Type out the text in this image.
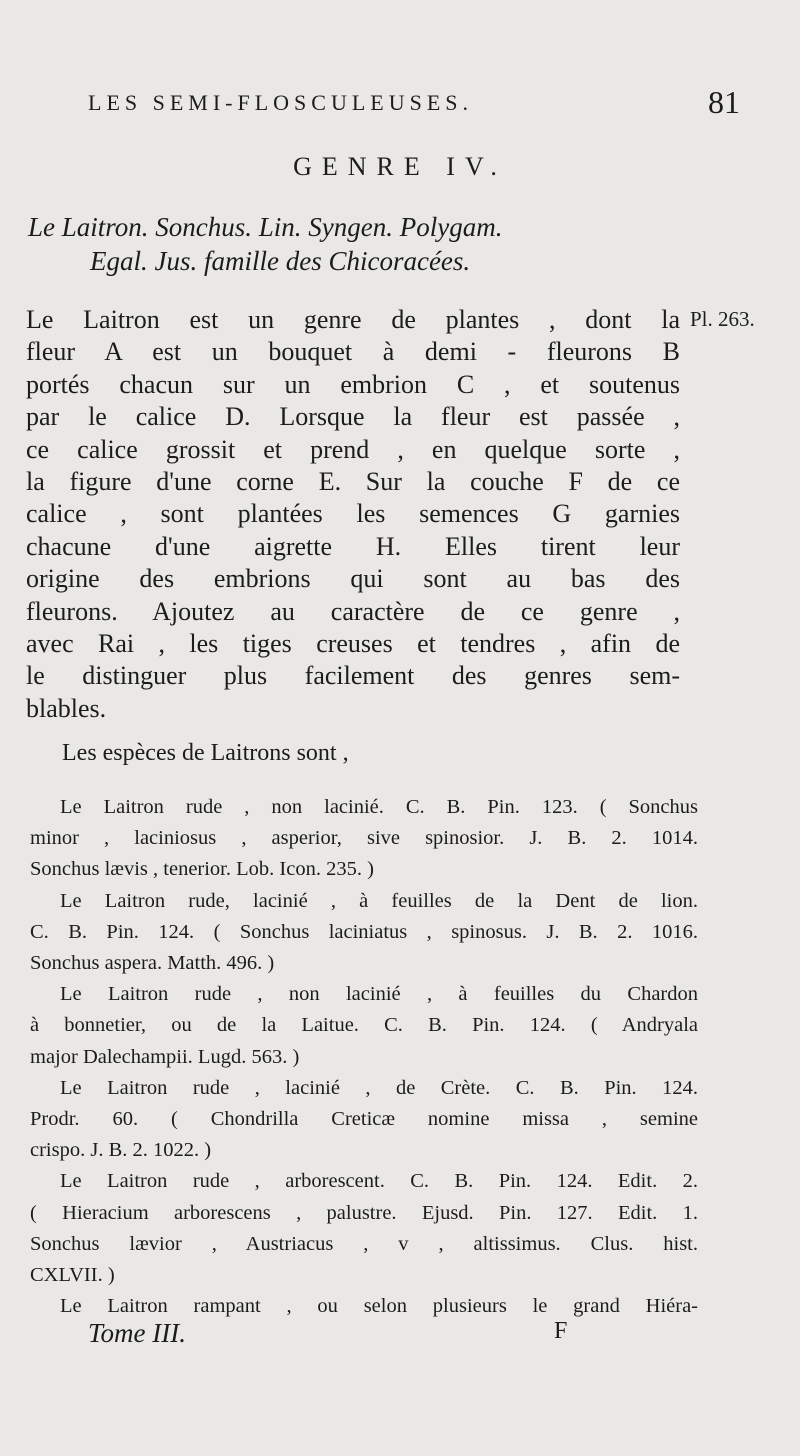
LES SEMI-FLOSCULEUSES.	81
GENRE IV.
Le Laitron. Sonchus. Lin. Syngen. Polygam.
Egal. Jus. famille des Chicoracées.
Pl. 263.
Le Laitron est un genre de plantes , dont la
fleur A est un bouquet à demi - fleurons B
portés chacun sur un embrion C , et soutenus
par le calice D. Lorsque la fleur est passée ,
ce calice grossit et prend , en quelque sorte ,
la figure d'une corne E. Sur la couche F de ce
calice , sont plantées les semences G garnies
chacune d'une aigrette H. Elles tirent leur
origine des embrions qui sont au bas des
fleurons. Ajoutez au caractère de ce genre ,
avec Rai , les tiges creuses et tendres , afin de
le distinguer plus facilement des genres sem-
blables.
Les espèces de Laitrons sont ,
Le Laitron rude , non lacinié. C. B. Pin. 123. ( Sonchus
minor , laciniosus , asperior, sive spinosior. J. B. 2. 1014.
Sonchus lævis , tenerior. Lob. Icon. 235. )
Le Laitron rude, lacinié , à feuilles de la Dent de lion.
C. B. Pin. 124. ( Sonchus laciniatus , spinosus. J. B. 2. 1016.
Sonchus aspera. Matth. 496. )
Le Laitron rude , non lacinié , à feuilles du Chardon
à bonnetier, ou de la Laitue. C. B. Pin. 124. ( Andryala
major Dalechampii. Lugd. 563. )
Le Laitron rude , lacinié , de Crète. C. B. Pin. 124.
Prodr. 60. ( Chondrilla Creticæ nomine missa , semine
crispo. J. B. 2. 1022. )
Le Laitron rude , arborescent. C. B. Pin. 124. Edit. 2.
( Hieracium arborescens , palustre. Ejusd. Pin. 127. Edit. 1.
Sonchus lævior , Austriacus , v , altissimus. Clus. hist.
CXLVII. )
Le Laitron rampant , ou selon plusieurs le grand Hiéra-
Tome III.	F
